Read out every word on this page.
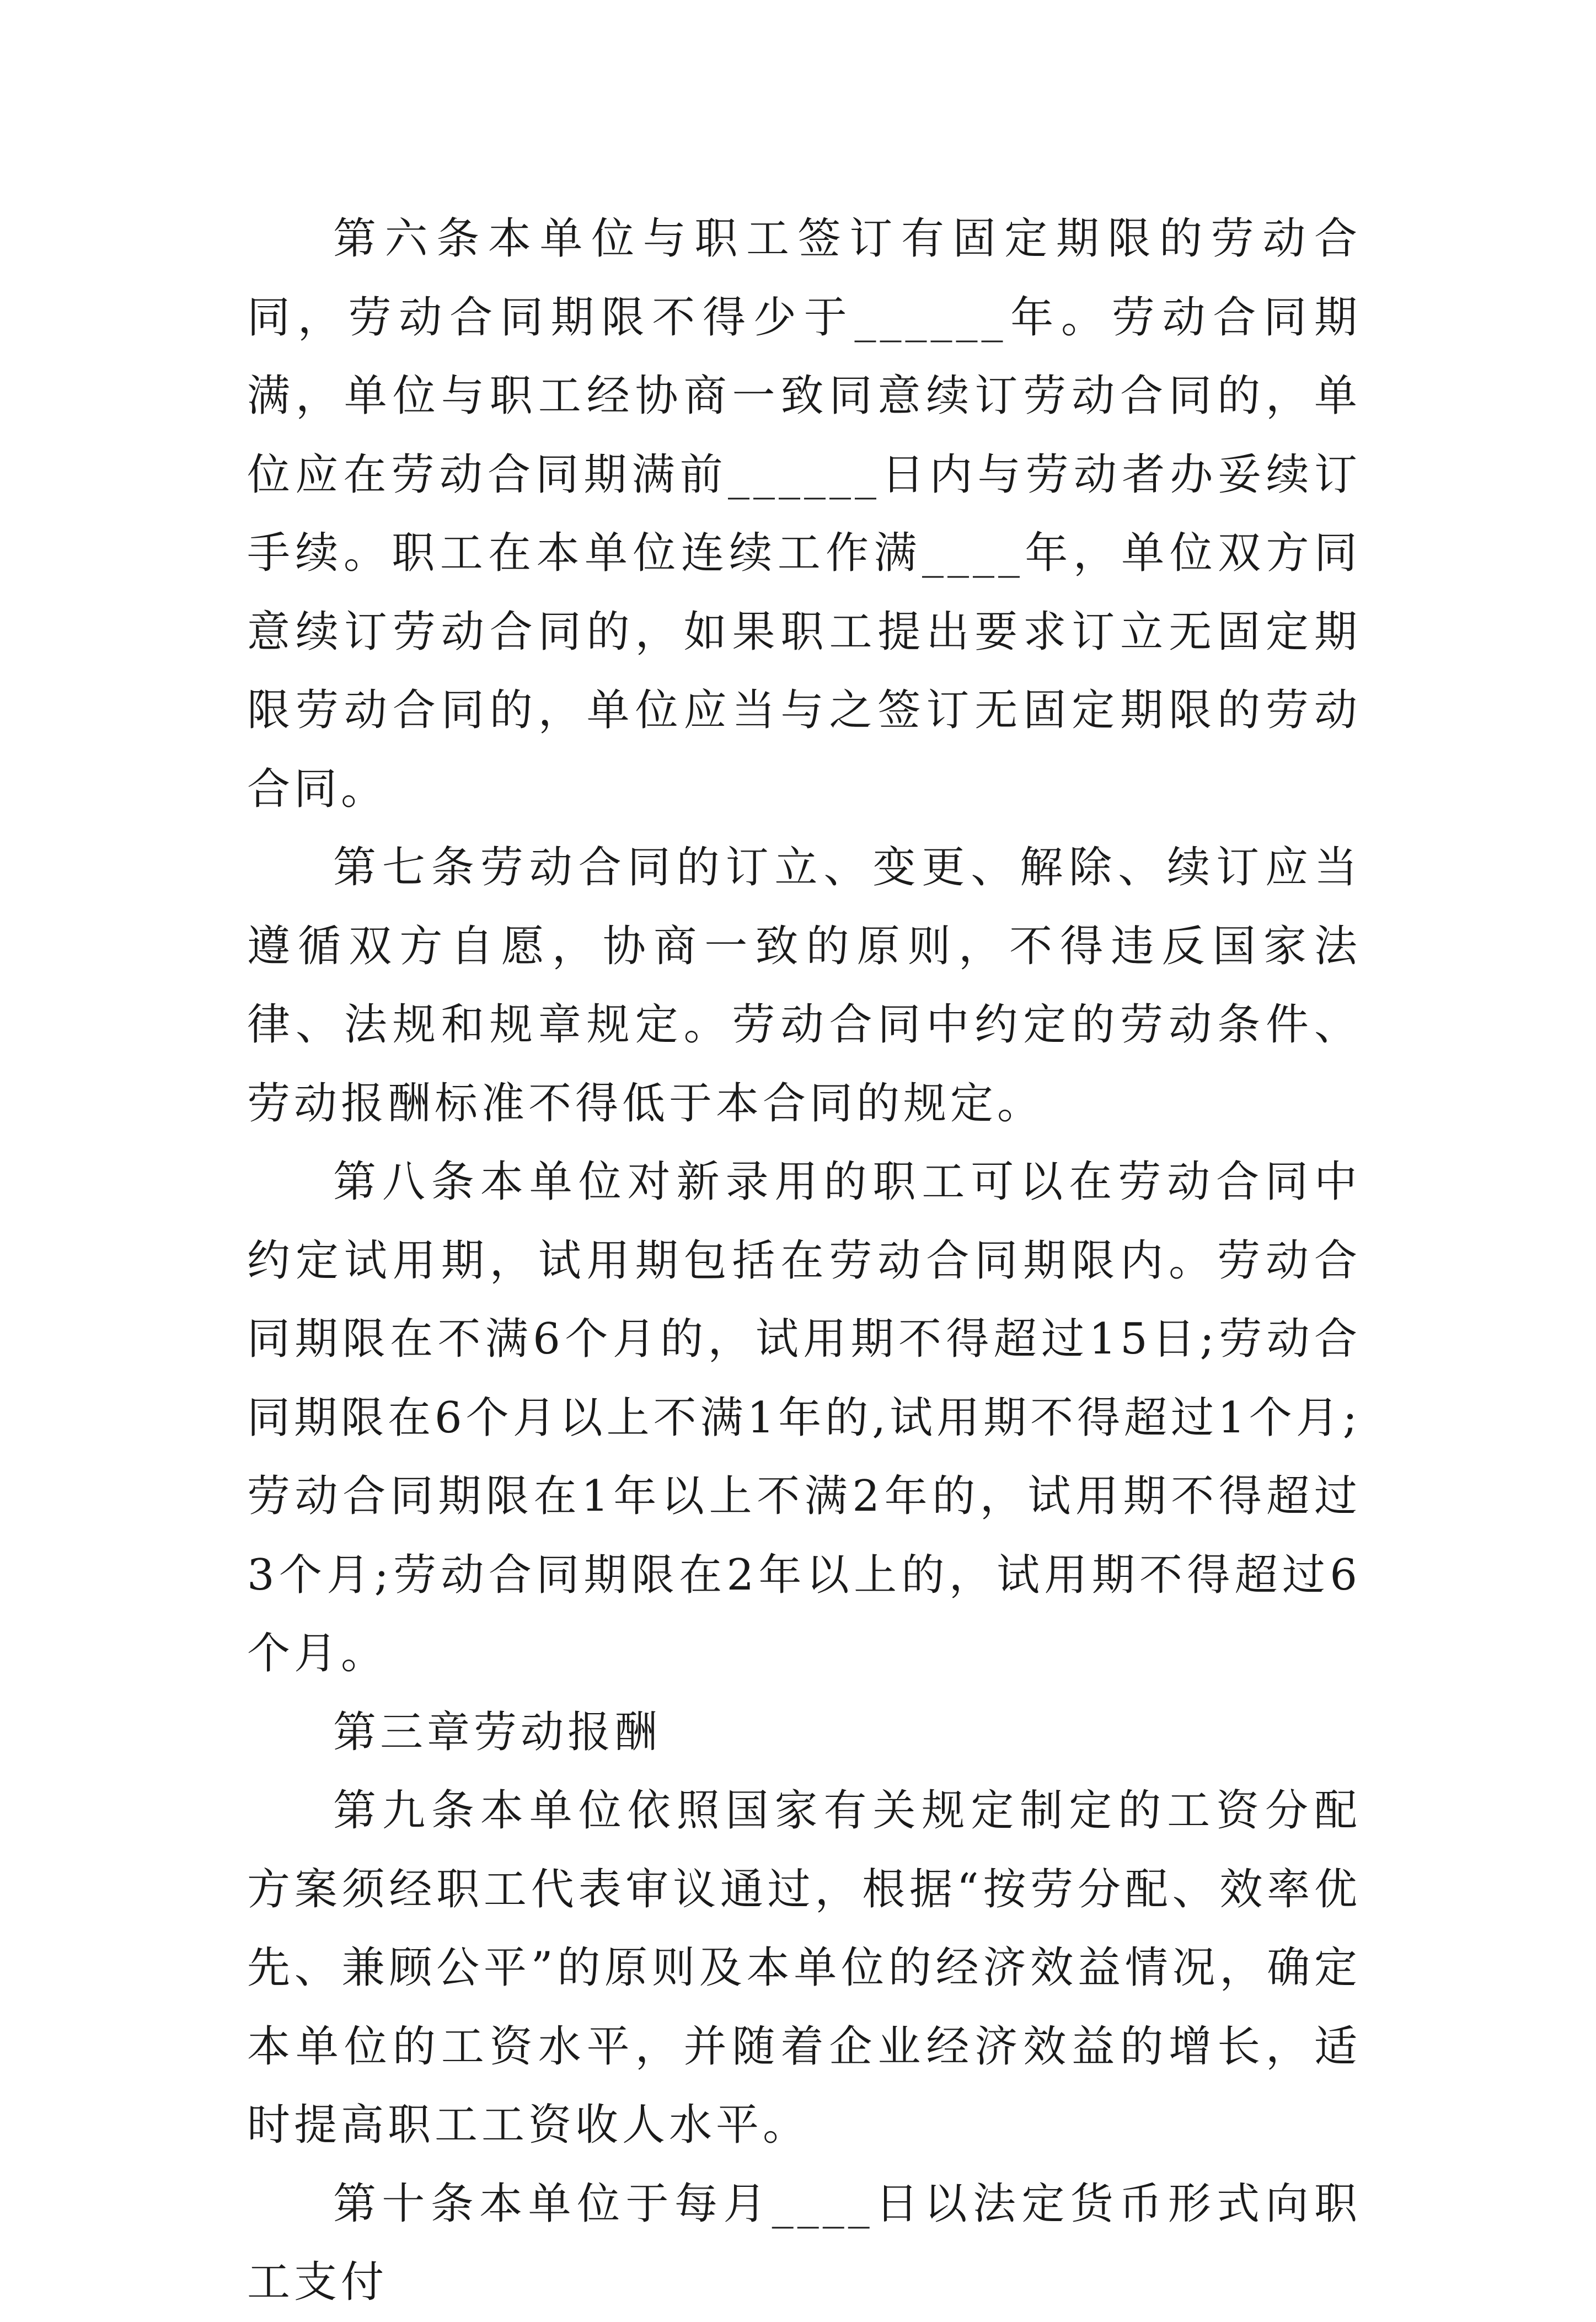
第六条本单位与职工签订有固定期限的劳动合同，劳动合同期限不得少于______年。劳动合同期满，单位与职工经协商一致同意续订劳动合同的，单位应在劳动合同期满前______日内与劳动者办妥续订手续。职工在本单位连续工作满____年，单位双方同意续订劳动合同的，如果职工提出要求订立无固定期限劳动合同的，单位应当与之签订无固定期限的劳动合同。

第七条劳动合同的订立、变更、解除、续订应当遵循双方自愿，协商一致的原则，不得违反国家法律、法规和规章规定。劳动合同中约定的劳动条件、劳动报酬标准不得低于本合同的规定。

第八条本单位对新录用的职工可以在劳动合同中约定试用期，试用期包括在劳动合同期限内。劳动合同期限在不满6个月的，试用期不得超过15日;劳动合同期限在6个月以上不满1年的,试用期不得超过1个月;劳动合同期限在1年以上不满2年的，试用期不得超过3个月;劳动合同期限在2年以上的，试用期不得超过6个月。

第三章劳动报酬

第九条本单位依照国家有关规定制定的工资分配方案须经职工代表审议通过，根据“按劳分配、效率优先、兼顾公平”的原则及本单位的经济效益情况，确定本单位的工资水平，并随着企业经济效益的增长，适时提高职工工资收人水平。

第十条本单位于每月____日以法定货币形式向职工支付
